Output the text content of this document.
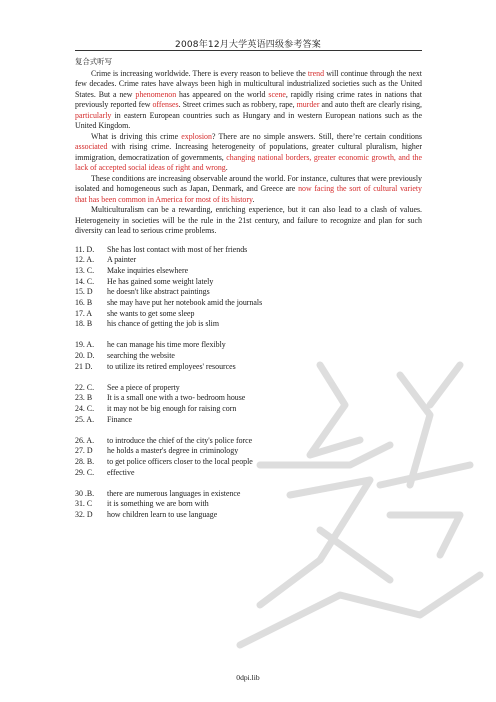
2008年12月大学英语四级参考答案
复合式听写

Crime is increasing worldwide. There is every reason to believe the trend will continue through the next few decades. Crime rates have always been high in multicultural industrialized societies such as the United States. But a new phenomenon has appeared on the world scene, rapidly rising crime rates in nations that previously reported few offenses. Street crimes such as robbery, rape, murder and auto theft are clearly rising, particularly in eastern European countries such as Hungary and in western European nations such as the United Kingdom.

What is driving this crime explosion? There are no simple answers. Still, there’re certain conditions associated with rising crime. Increasing heterogeneity of populations, greater cultural pluralism, higher immigration, democratization of governments, changing national borders, greater economic growth, and the lack of accepted social ideas of right and wrong.

These conditions are increasing observable around the world. For instance, cultures that were previously isolated and homogeneous such as Japan, Denmark, and Greece are now facing the sort of cultural variety that has been common in America for most of its history.

Multiculturalism can be a rewarding, enriching experience, but it can also lead to a clash of values. Heterogeneity in societies will be the rule in the 21st century, and failure to recognize and plan for such diversity can lead to serious crime problems.

11. D. She has lost contact with most of her friends
12. A. A painter
13. C. Make inquiries elsewhere
14. C. He has gained some weight lately
15. D he doesn't like abstract paintings
16. B she may have put her notebook amid the journals
17. A she wants to get some sleep
18. B his chance of getting the job is slim
19. A. he can manage his time more flexibly
20. D. searching the website
21 D. to utilize its retired employees' resources
22. C. See a piece of property
23. B It is a small one with a two- bedroom house
24. C. it may not be big enough for raising corn
25. A. Finance
26. A. to introduce the chief of the city's police force
27. D he holds a master's degree in criminology
28. B. to get police officers closer to the local people
29. C. effective
30 .B. there are numerous languages in existence
31. C it is something we are born with
32. D how children learn to use language
0dpi.lib
